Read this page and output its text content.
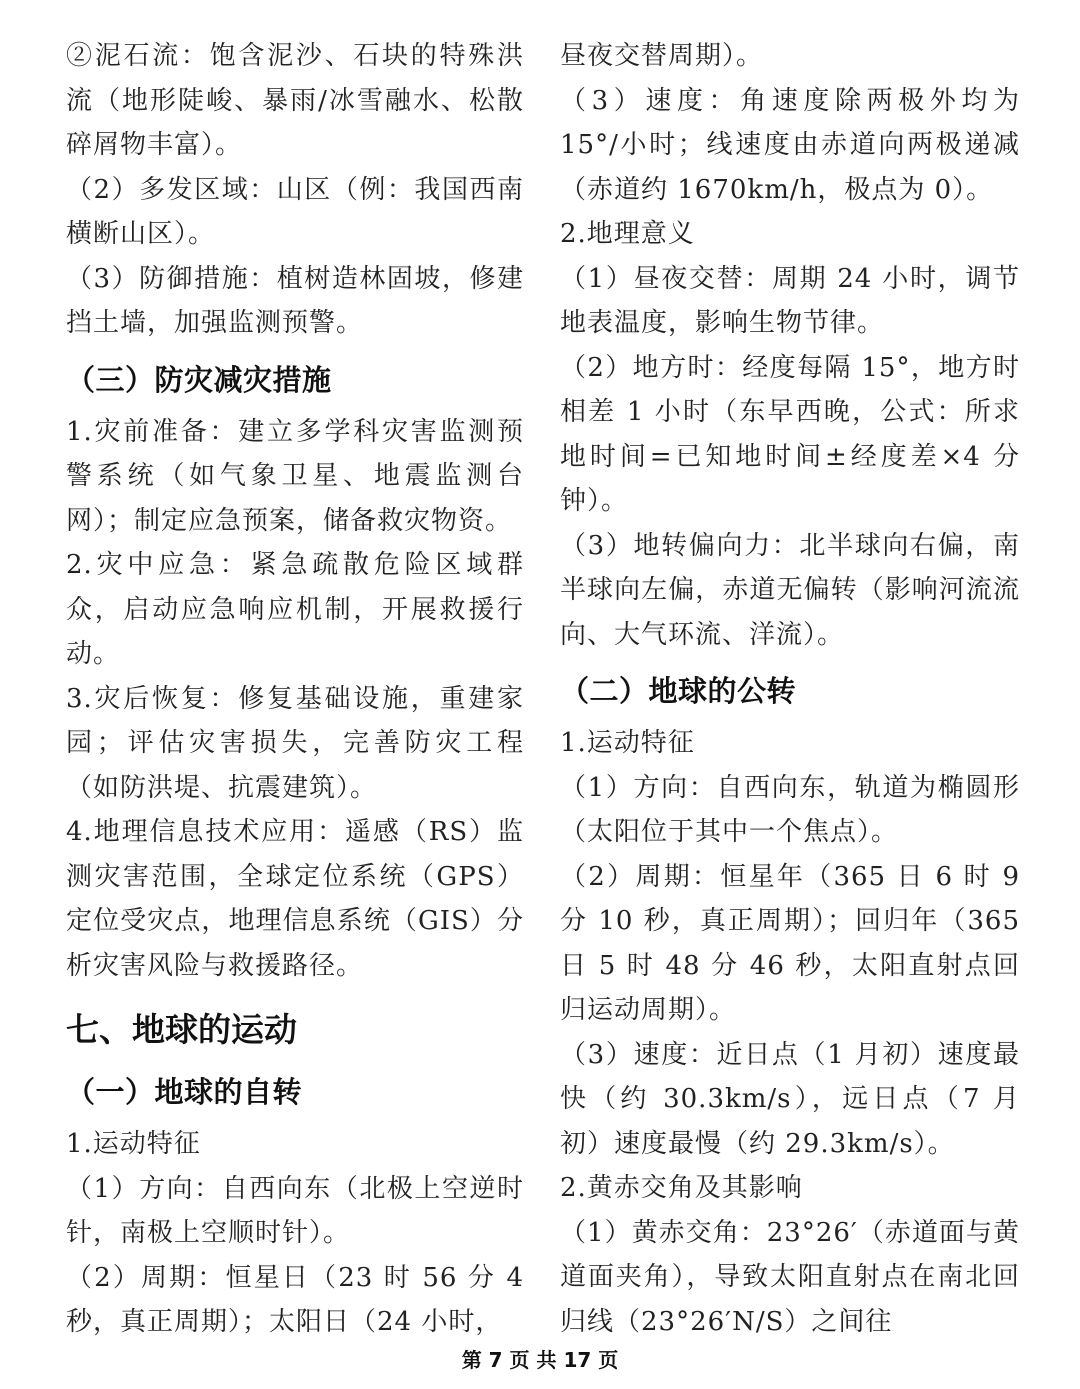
②泥石流：饱含泥沙、石块的特殊洪流（地形陡峻、暴雨/冰雪融水、松散碎屑物丰富）。

（2）多发区域：山区（例：我国西南横断山区）。

（3）防御措施：植树造林固坡，修建挡土墙，加强监测预警。

（三）防灾减灾措施

1.灾前准备：建立多学科灾害监测预警系统（如气象卫星、地震监测台网）；制定应急预案，储备救灾物资。

2.灾中应急：紧急疏散危险区域群众，启动应急响应机制，开展救援行动。

3.灾后恢复：修复基础设施，重建家园；评估灾害损失，完善防灾工程（如防洪堤、抗震建筑）。

4.地理信息技术应用：遥感（RS）监测灾害范围，全球定位系统（GPS）定位受灾点，地理信息系统（GIS）分析灾害风险与救援路径。

七、地球的运动
（一）地球的自转

1.运动特征

（1）方向：自西向东（北极上空逆时针，南极上空顺时针）。

（2）周期：恒星日（23 时 56 分 4 秒，真正周期）；太阳日（24 小时，

昼夜交替周期）。

（3）速度：角速度除两极外均为 15°/小时；线速度由赤道向两极递减（赤道约 1670km/h，极点为 0）。

2.地理意义

（1）昼夜交替：周期 24 小时，调节地表温度，影响生物节律。

（2）地方时：经度每隔 15°，地方时相差 1 小时（东早西晚，公式：所求地时间=已知地时间±经度差×4 分钟）。

（3）地转偏向力：北半球向右偏，南半球向左偏，赤道无偏转（影响河流流向、大气环流、洋流）。

（二）地球的公转

1.运动特征

（1）方向：自西向东，轨道为椭圆形（太阳位于其中一个焦点）。

（2）周期：恒星年（365 日 6 时 9 分 10 秒，真正周期）；回归年（365 日 5 时 48 分 46 秒，太阳直射点回归运动周期）。

（3）速度：近日点（1 月初）速度最快（约 30.3km/s），远日点（7 月初）速度最慢（约 29.3km/s）。

2.黄赤交角及其影响

（1）黄赤交角：23°26′（赤道面与黄道面夹角），导致太阳直射点在南北回归线（23°26′N/S）之间往

第 7 页 共 17 页
